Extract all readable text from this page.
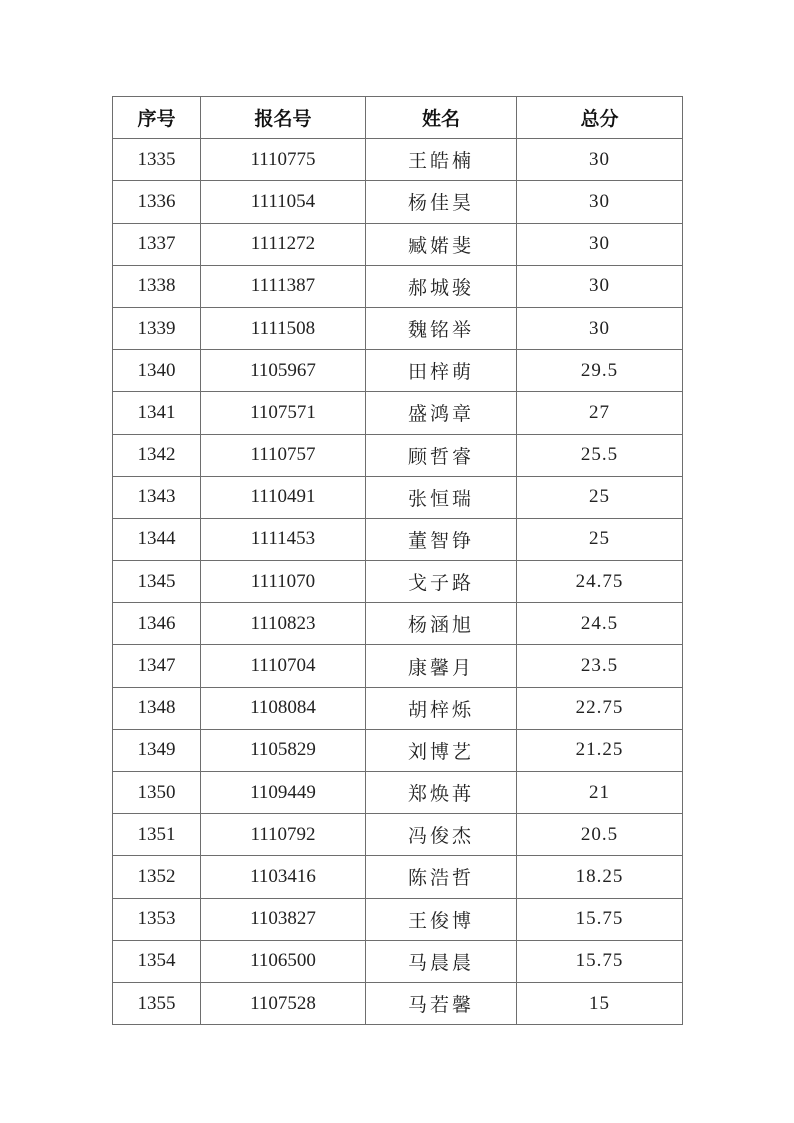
序号	报名号	姓名	总分
1335	1110775	王皓楠	30
1336	1111054	杨佳昊	30
1337	1111272	臧婼斐	30
1338	1111387	郝城骏	30
1339	1111508	魏铭举	30
1340	1105967	田梓萌	29.5
1341	1107571	盛鸿章	27
1342	1110757	顾哲睿	25.5
1343	1110491	张恒瑞	25
1344	1111453	董智铮	25
1345	1111070	戈子路	24.75
1346	1110823	杨涵旭	24.5
1347	1110704	康馨月	23.5
1348	1108084	胡梓烁	22.75
1349	1105829	刘博艺	21.25
1350	1109449	郑焕苒	21
1351	1110792	冯俊杰	20.5
1352	1103416	陈浩哲	18.25
1353	1103827	王俊博	15.75
1354	1106500	马晨晨	15.75
1355	1107528	马若馨	15
